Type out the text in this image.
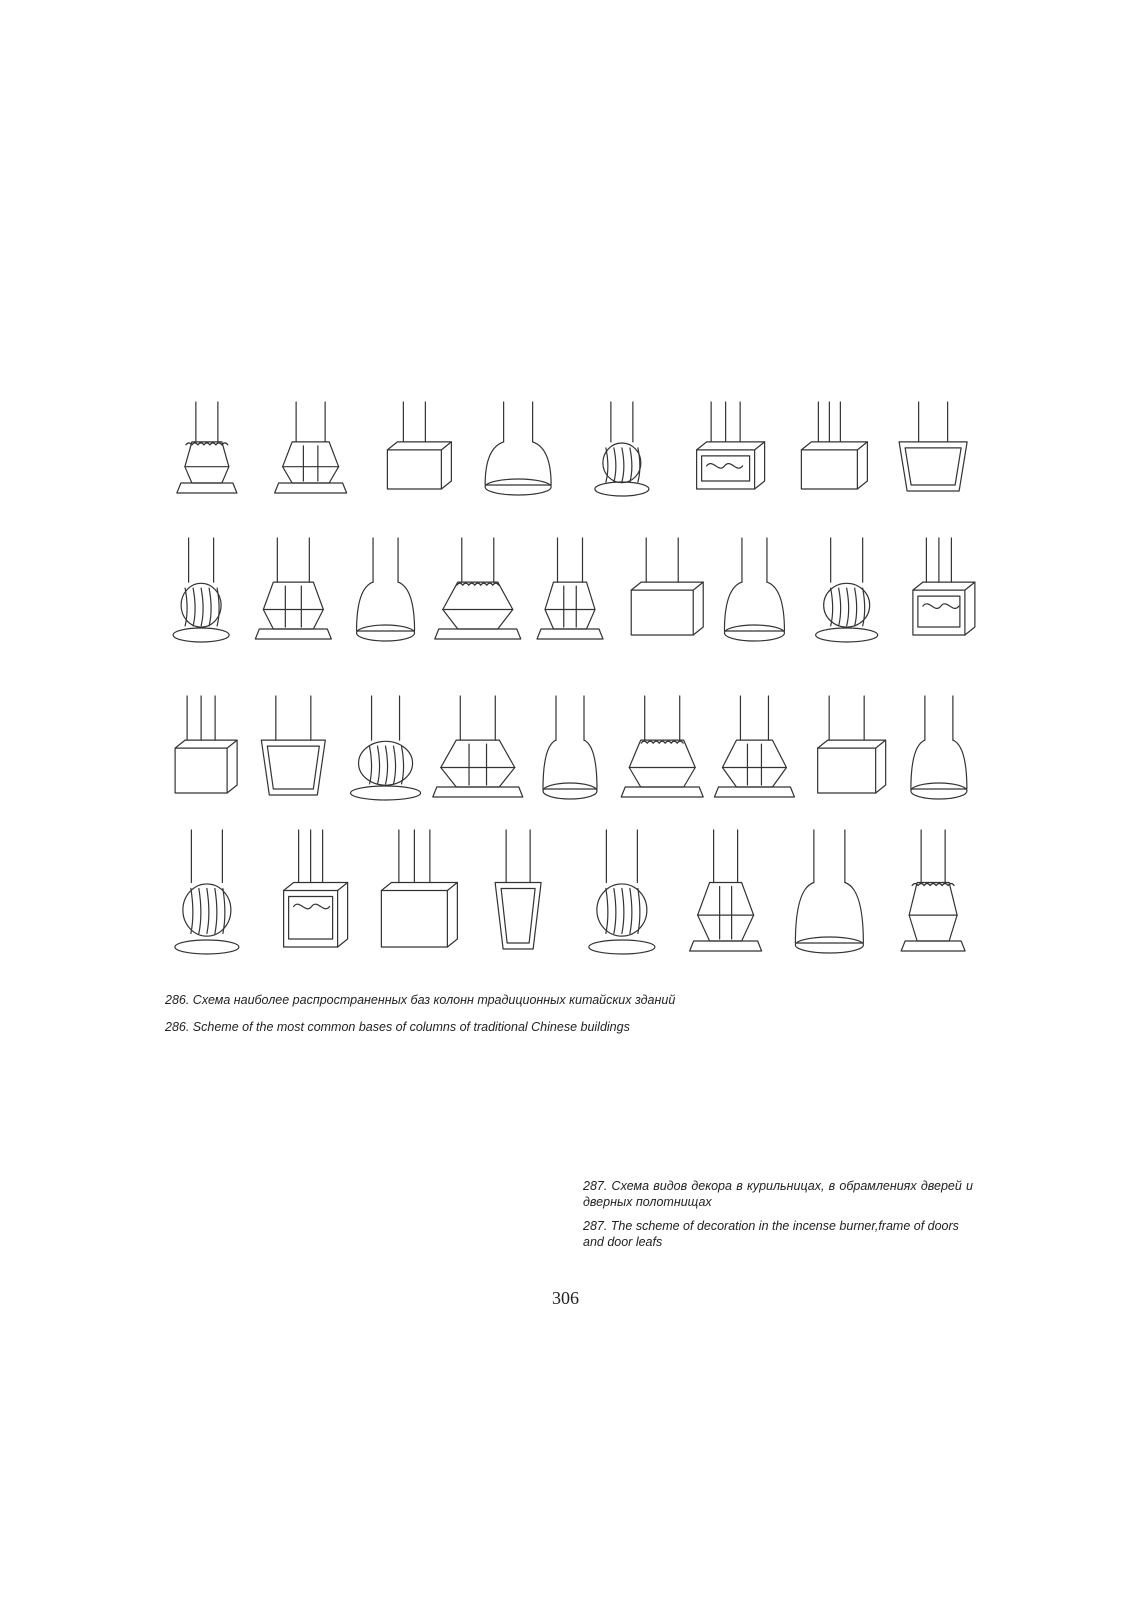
286. Схема наиболее распространенных баз колонн традиционных китайских зданий

286. Scheme of the most common bases of columns of traditional Chinese buildings

287. Схема видов декора в курильницах, в обрамлениях дверей и дверных полотнищах

287. The scheme of decoration in the incense burner,frame of doors and door leafs

306
